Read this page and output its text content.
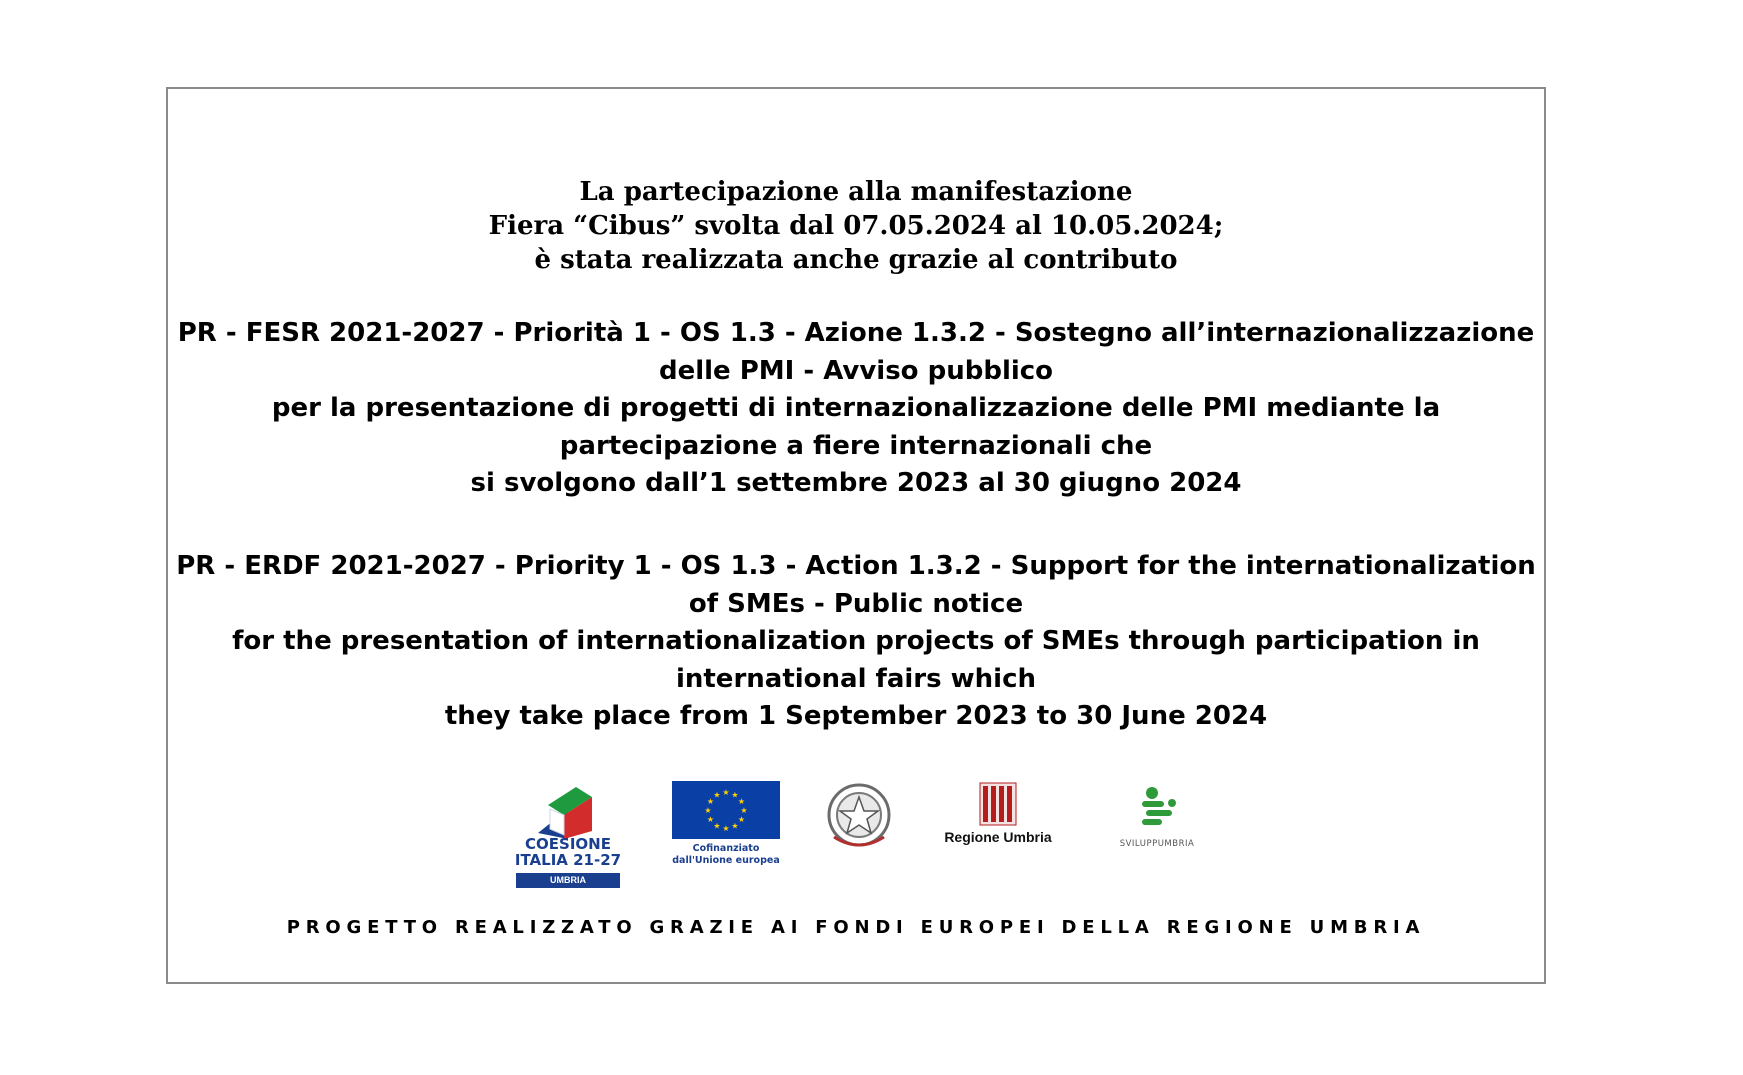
La partecipazione alla manifestazione
Fiera “Cibus” svolta dal 07.05.2024 al 10.05.2024;
è stata realizzata anche grazie al contributo
PR - FESR 2021-2027 - Priorità 1 - OS 1.3 - Azione 1.3.2 - Sostegno all’internazionalizzazione
delle PMI - Avviso pubblico
per la presentazione di progetti di internazionalizzazione delle PMI mediante la
partecipazione a fiere internazionali che
si svolgono dall’1 settembre 2023 al 30 giugno 2024
PR - ERDF 2021-2027 - Priority 1 - OS 1.3 - Action 1.3.2 - Support for the internationalization
of SMEs - Public notice
for the presentation of internationalization projects of SMEs through participation in
international fairs which
they take place from 1 September 2023 to 30 June 2024
COESIONE
ITALIA 21-27
UMBRIA
★ ★
★
★
★
★
★
★
★
★
★
★
Cofinanziato
dall'Unione europea
Regione Umbria	SVILUPPUMBRIA
PROGETTO REALIZZATO GRAZIE AI FONDI EUROPEI DELLA REGIONE UMBRIA
